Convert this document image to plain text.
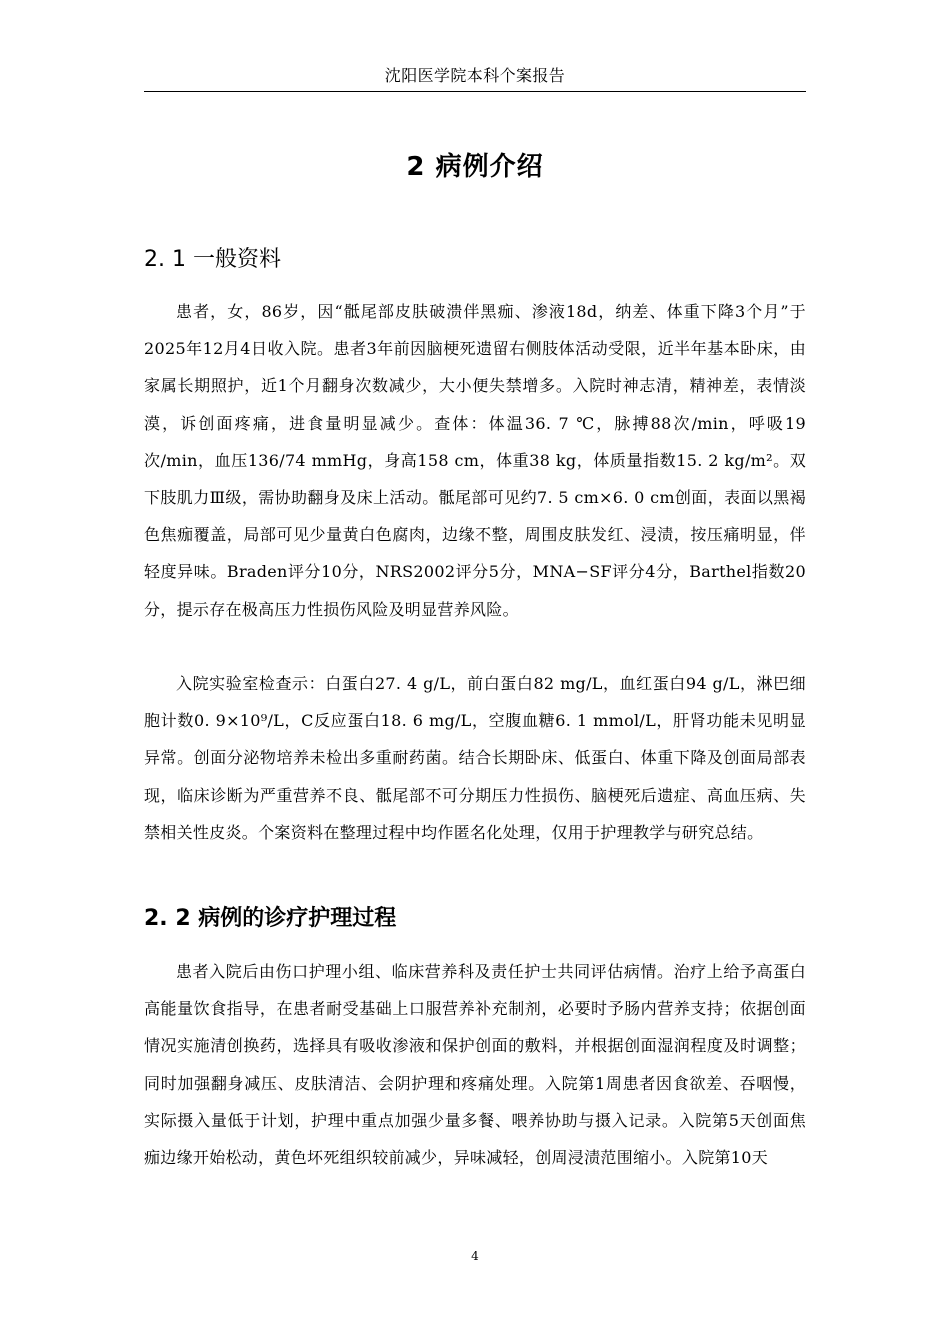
沈阳医学院本科个案报告
2 病例介绍
2. 1 一般资料

患者，女，86岁，因“骶尾部皮肤破溃伴黑痂、渗液18d，纳差、体重下降3个月”于2025年12月4日收入院。患者3年前因脑梗死遗留右侧肢体活动受限，近半年基本卧床，由家属长期照护，近1个月翻身次数减少，大小便失禁增多。入院时神志清，精神差，表情淡漠，诉创面疼痛，进食量明显减少。查体：体温36. 7 ℃，脉搏88次/min，呼吸19次/min，血压136/74 mmHg，身高158 cm，体重38 kg，体质量指数15. 2 kg/m²。双下肢肌力Ⅲ级，需协助翻身及床上活动。骶尾部可见约7. 5 cm×6. 0 cm创面，表面以黑褐色焦痂覆盖，局部可见少量黄白色腐肉，边缘不整，周围皮肤发红、浸渍，按压痛明显，伴轻度异味。Braden评分10分，NRS2002评分5分，MNA−SF评分4分，Barthel指数20分，提示存在极高压力性损伤风险及明显营养风险。

入院实验室检查示：白蛋白27. 4 g/L，前白蛋白82 mg/L，血红蛋白94 g/L，淋巴细胞计数0. 9×10⁹/L，C反应蛋白18. 6 mg/L，空腹血糖6. 1 mmol/L，肝肾功能未见明显异常。创面分泌物培养未检出多重耐药菌。结合长期卧床、低蛋白、体重下降及创面局部表现，临床诊断为严重营养不良、骶尾部不可分期压力性损伤、脑梗死后遗症、高血压病、失禁相关性皮炎。个案资料在整理过程中均作匿名化处理，仅用于护理教学与研究总结。

2. 2 病例的诊疗护理过程

患者入院后由伤口护理小组、临床营养科及责任护士共同评估病情。治疗上给予高蛋白高能量饮食指导，在患者耐受基础上口服营养补充制剂，必要时予肠内营养支持；依据创面情况实施清创换药，选择具有吸收渗液和保护创面的敷料，并根据创面湿润程度及时调整；同时加强翻身减压、皮肤清洁、会阴护理和疼痛处理。入院第1周患者因食欲差、吞咽慢，实际摄入量低于计划，护理中重点加强少量多餐、喂养协助与摄入记录。入院第5天创面焦痂边缘开始松动，黄色坏死组织较前减少，异味减轻，创周浸渍范围缩小。入院第10天

4
